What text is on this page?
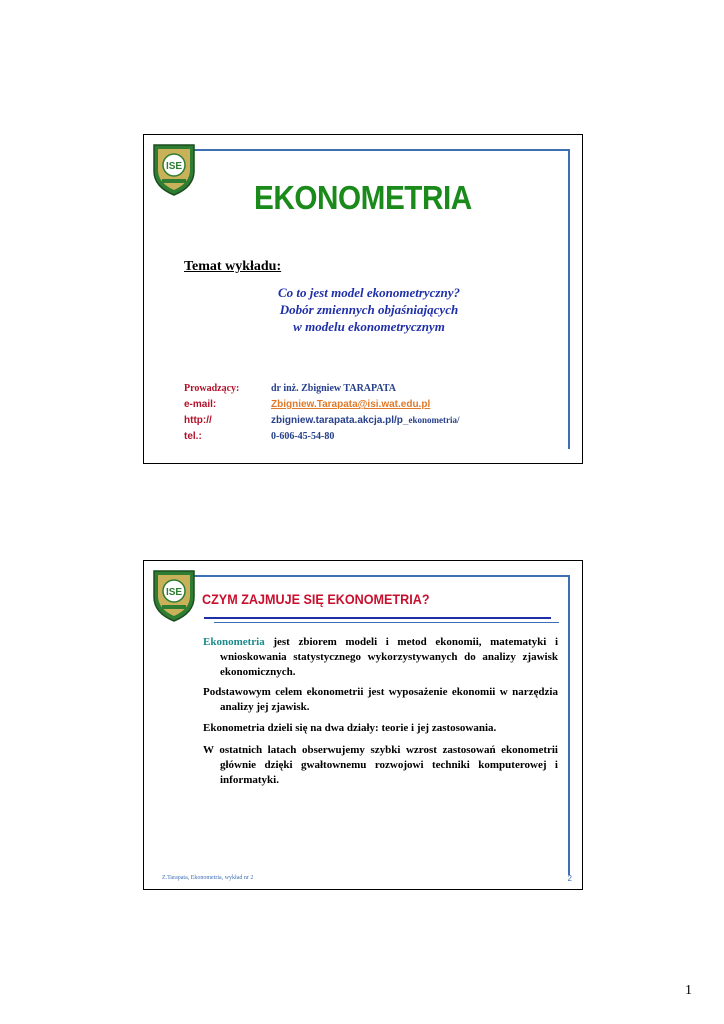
ISE
EKONOMETRIA
Temat wykładu:
Co to jest model ekonometryczny?
Dobór zmiennych objaśniających
w modelu ekonometrycznym
Prowadzący:	dr inż. Zbigniew TARAPATA
e-mail:	Zbigniew.Tarapata@isi.wat.edu.pl
http://	zbigniew.tarapata.akcja.pl/p_ekonometria/
tel.:	0-606-45-54-80
ISE CZYM ZAJMUJE SIĘ EKONOMETRIA?
Ekonometria jest zbiorem modeli i metod ekonomii, matematyki i wnioskowania statystycznego wykorzystywanych do analizy zjawisk ekonomicznych.
Podstawowym celem ekonometrii jest wyposażenie ekonomii w narzędzia analizy jej zjawisk.
Ekonometria dzieli się na dwa działy: teorie i jej zastosowania.
W ostatnich latach obserwujemy szybki wzrost zastosowań ekonometrii głównie dzięki gwałtownemu rozwojowi techniki komputerowej i informatyki.
Z.Tarapata, Ekonometria, wykład nr 2	2
1
